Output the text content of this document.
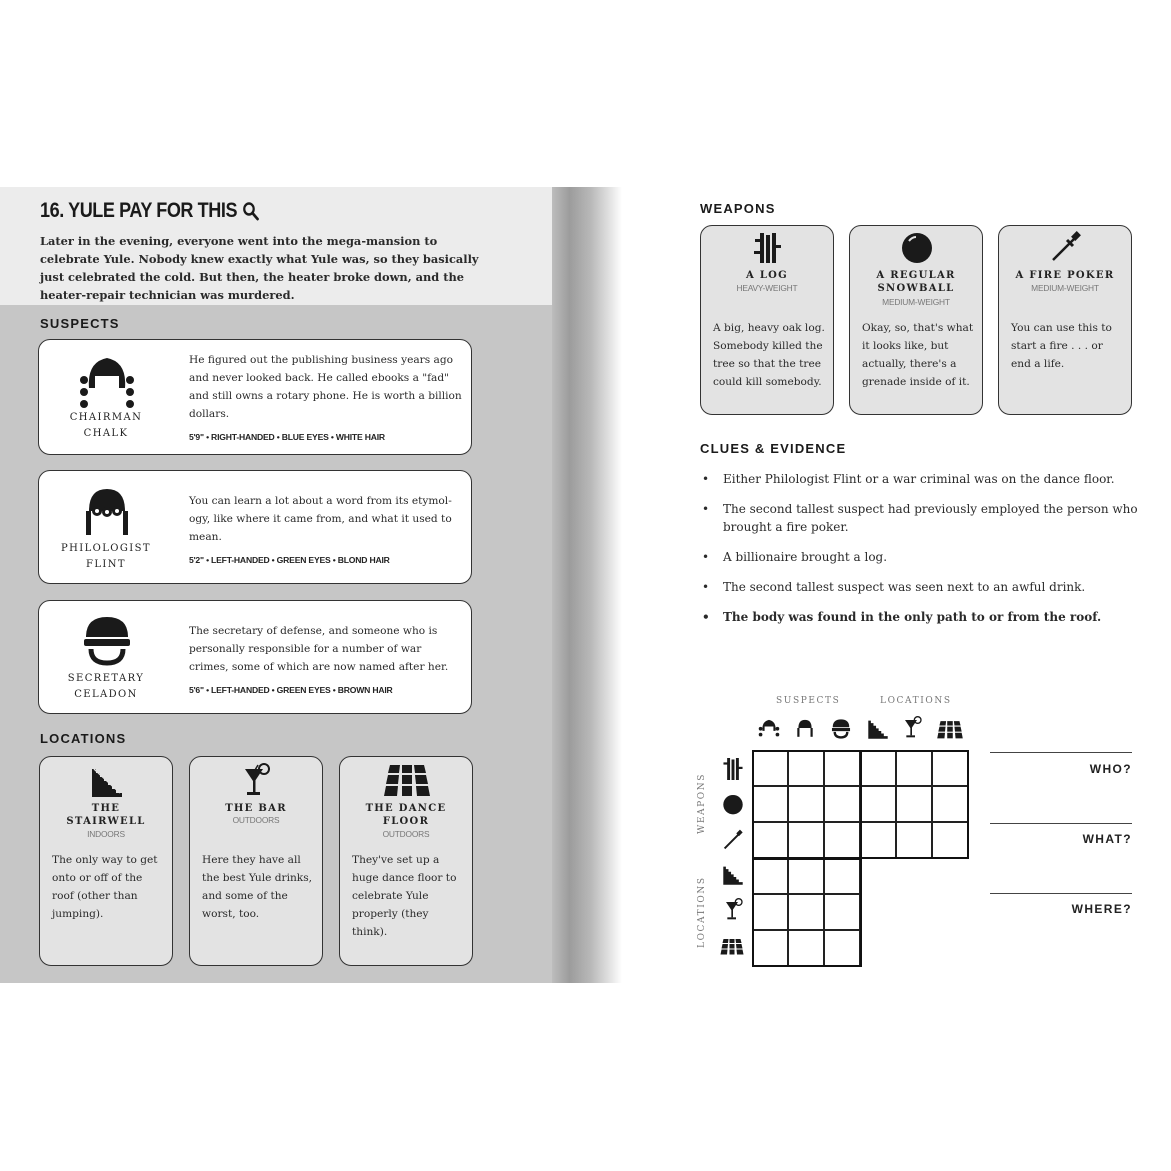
16. YULE PAY FOR THIS

Later in the evening, everyone went into the mega-mansion to celebrate Yule. Nobody knew exactly what Yule was, so they basically just celebrated the cold. But then, the heater broke down, and the heater-repair technician was murdered.

SUSPECTS
CHAIRMAN
CHALK

He figured out the publishing business years ago and never looked back. He called ebooks a "fad" and still owns a rotary phone. He is worth a billion dollars.

5'9" • RIGHT-HANDED • BLUE EYES • WHITE HAIR
PHILOLOGIST
FLINT

You can learn a lot about a word from its etymol-ogy, like where it came from, and what it used to mean.

5'2" • LEFT-HANDED • GREEN EYES • BLOND HAIR
SECRETARY
CELADON

The secretary of defense, and someone who is personally responsible for a number of war crimes, some of which are now named after her.

5'6" • LEFT-HANDED • GREEN EYES • BROWN HAIR
LOCATIONS
THE
STAIRWELL
INDOORS

The only way to get onto or off of the roof (other than jumping).

THE BAR
OUTDOORS

Here they have all the best Yule drinks, and some of the worst, too.

THE DANCE
FLOOR
OUTDOORS

They've set up a huge dance floor to celebrate Yule properly (they think).

WEAPONS
A LOG
HEAVY-WEIGHT

A big, heavy oak log. Somebody killed the tree so that the tree could kill somebody.

A REGULAR
SNOWBALL
MEDIUM-WEIGHT

Okay, so, that's what it looks like, but actually, there's a grenade inside of it.

A FIRE POKER
MEDIUM-WEIGHT

You can use this to start a fire . . . or end a life.

CLUES & EVIDENCE
• Either Philologist Flint or a war criminal was on the dance floor.
• The second tallest suspect had previously employed the person who brought a fire poker.
• A billionaire brought a log.
• The second tallest suspect was seen next to an awful drink.
• The body was found in the only path to or from the roof.
SUSPECTS	LOCATIONS
WEAPONS
LOCATIONS
WHO?
WHAT?
WHERE?
